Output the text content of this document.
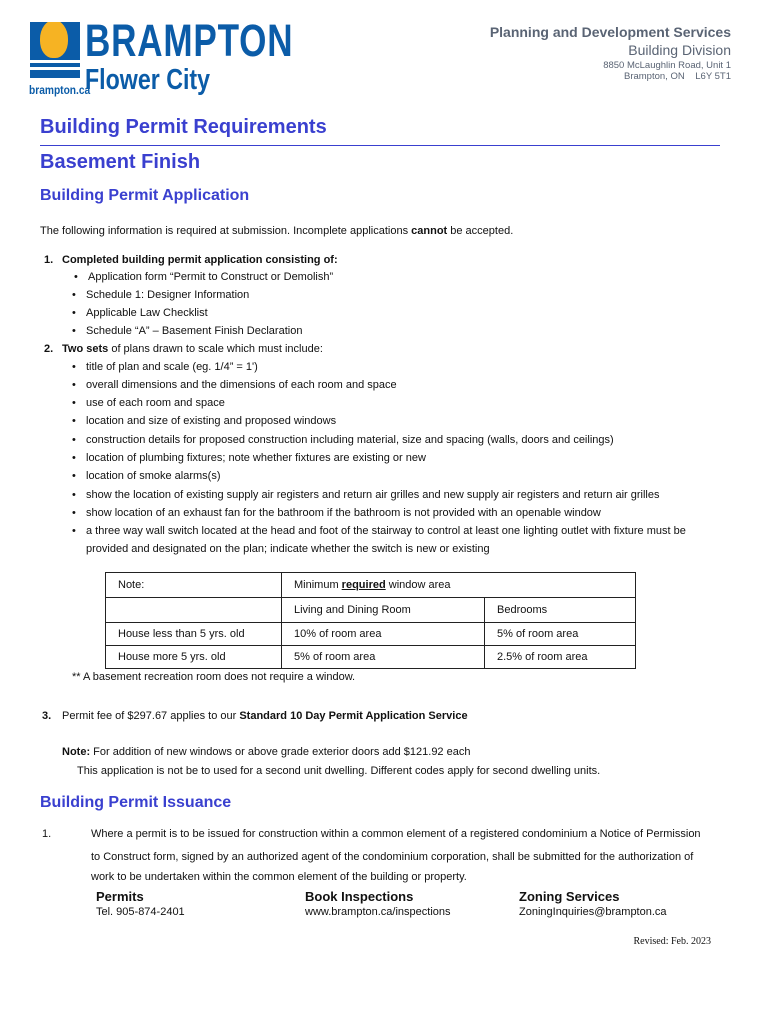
BRAMPTON
Flower City
brampton.ca
Planning and Development Services
Building Division
8850 McLaughlin Road, Unit 1
Brampton, ON    L6Y 5T1
Building Permit Requirements
Basement Finish
Building Permit Application
The following information is required at submission. Incomplete applications cannot be accepted.
1. Completed building permit application consisting of:
• Application form “Permit to Construct or Demolish”
• Schedule 1: Designer Information
• Applicable Law Checklist
• Schedule “A” – Basement Finish Declaration
2. Two sets of plans drawn to scale which must include:
• title of plan and scale (eg. 1/4” = 1')
• overall dimensions and the dimensions of each room and space
• use of each room and space
• location and size of existing and proposed windows
• construction details for proposed construction including material, size and spacing (walls, doors and ceilings)
• location of plumbing fixtures; note whether fixtures are existing or new
• location of smoke alarms(s)
• show the location of existing supply air registers and return air grilles and new supply air registers and return air grilles
• show location of an exhaust fan for the bathroom if the bathroom is not provided with an openable window
• a three way wall switch located at the head and foot of the stairway to control at least one lighting outlet with fixture must be
provided and designated on the plan; indicate whether the switch is new or existing
Note:	Minimum required window area	
	Living and Dining Room	Bedrooms
House less than 5 yrs. old	10% of room area	5% of room area
House more 5 yrs. old	5% of room area	2.5% of room area
** A basement recreation room does not require a window.
3. Permit fee of $297.67 applies to our Standard 10 Day Permit Application Service
Note: For addition of new windows or above grade exterior doors add $121.92 each
This application is not be to used for a second unit dwelling. Different codes apply for second dwelling units.
Building Permit Issuance
1.	Where a permit is to be issued for construction within a common element of a registered condominium a Notice of Permission
to Construct form, signed by an authorized agent of the condominium corporation, shall be submitted for the authorization of
work to be undertaken within the common element of the building or property.
Permits
Tel. 905-874-2401
Book Inspections
www.brampton.ca/inspections
Zoning Services
ZoningInquiries@brampton.ca
Revised: Feb. 2023
